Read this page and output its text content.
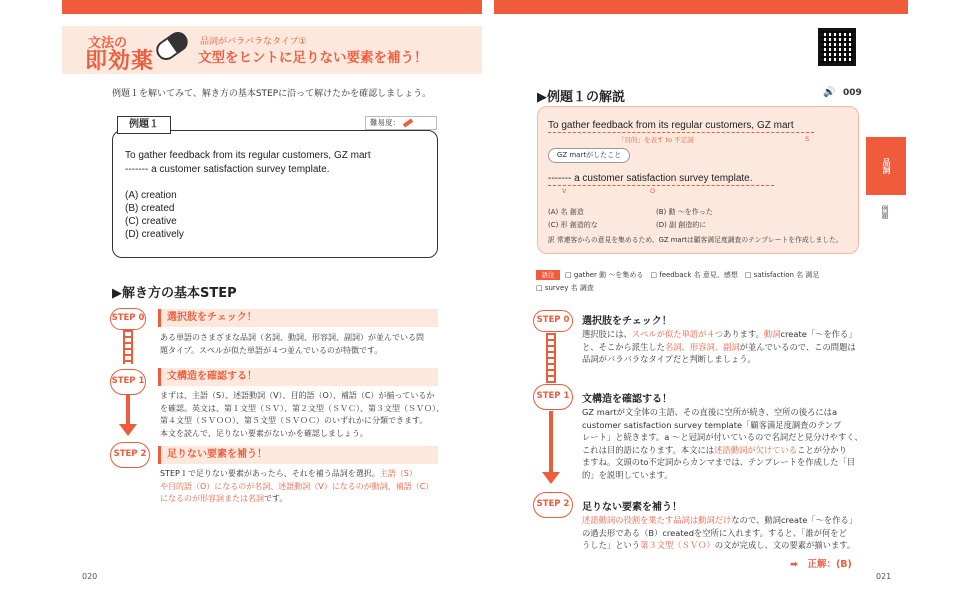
文法の
即効薬
品詞がバラバラなタイプ①
文型をヒントに足りない要素を補う！
例題１を解いてみて、解き方の基本STEPに沿って解けたかを確認しましょう。
例題１	難易度：
To gather feedback from its regular customers, GZ mart
------- a customer satisfaction survey template.
(A) creation
(B) created
(C) creative
(D) creatively
▶解き方の基本STEP
STEP 0	選択肢をチェック！
ある単語のさまざまな品詞（名詞、動詞、形容詞、副詞）が並んでいる問
題タイプ。スペルが似た単語が４つ並んでいるのが特徴です。
STEP 1	文構造を確認する！
まずは、主語（S）、述語動詞（V）、目的語（O）、補語（C）が揃っているか
を確認。英文は、第１文型（ＳＶ）、第２文型（ＳＶＣ）、第３文型（ＳＶＯ）、
第４文型（ＳＶＯＯ）、第５文型（ＳＶＯＣ）のいずれかに分類できます。
本文を読んで、足りない要素がないかを確認しましょう。
STEP 2	足りない要素を補う！
STEP１で足りない要素があったら、それを補う品詞を選択。主語（S）
や目的語（O）になるのが名詞、述語動詞（V）になるのが動詞、補語（C）
になるのが形容詞または名詞です。
020
▶例題１の解説	🔊 009
To gather feedback from its regular customers, GZ mart
「目的」を表す to 不定詞	S
GZ martがしたこと
------- a customer satisfaction survey template.
V	O
(A) 名 創造	(B) 動 ～を作った
(C) 形 創造的な	(D) 副 創造的に
訳 常連客からの意見を集めるため、GZ martは顧客満足度調査のテンプレートを作成しました。
語注	□ gather 動 ～を集める　□ feedback 名 意見、感想　□ satisfaction 名 満足
□ survey 名 調査
品詞
例題
STEP 0	選択肢をチェック！
選択肢には、スペルが似た単語が４つあります。動詞create「～を作る」
と、そこから派生した名詞、形容詞、副詞が並んでいるので、この問題は
品詞がバラバラなタイプだと判断しましょう。
STEP 1	文構造を確認する！
GZ martが文全体の主語、その直後に空所が続き、空所の後ろにはa
customer satisfaction survey template「顧客満足度調査のテンプ
レート」と続きます。a ～と冠詞が付いているので名詞だと見分けやすく、
これは目的語になります。本文には述語動詞が欠けていることが分かり
ますね。文頭のto不定詞からカンマまでは、テンプレートを作成した「目
的」を説明しています。
STEP 2	足りない要素を補う！
述語動詞の役割を果たす品詞は動詞だけなので、動詞create「～を作る」
の過去形である（B）createdを空所に入れます。すると、「誰が何をど
うした」という第３文型（ＳＶＯ）の文が完成し、文の要素が揃います。
➡　正解：(B)
021
